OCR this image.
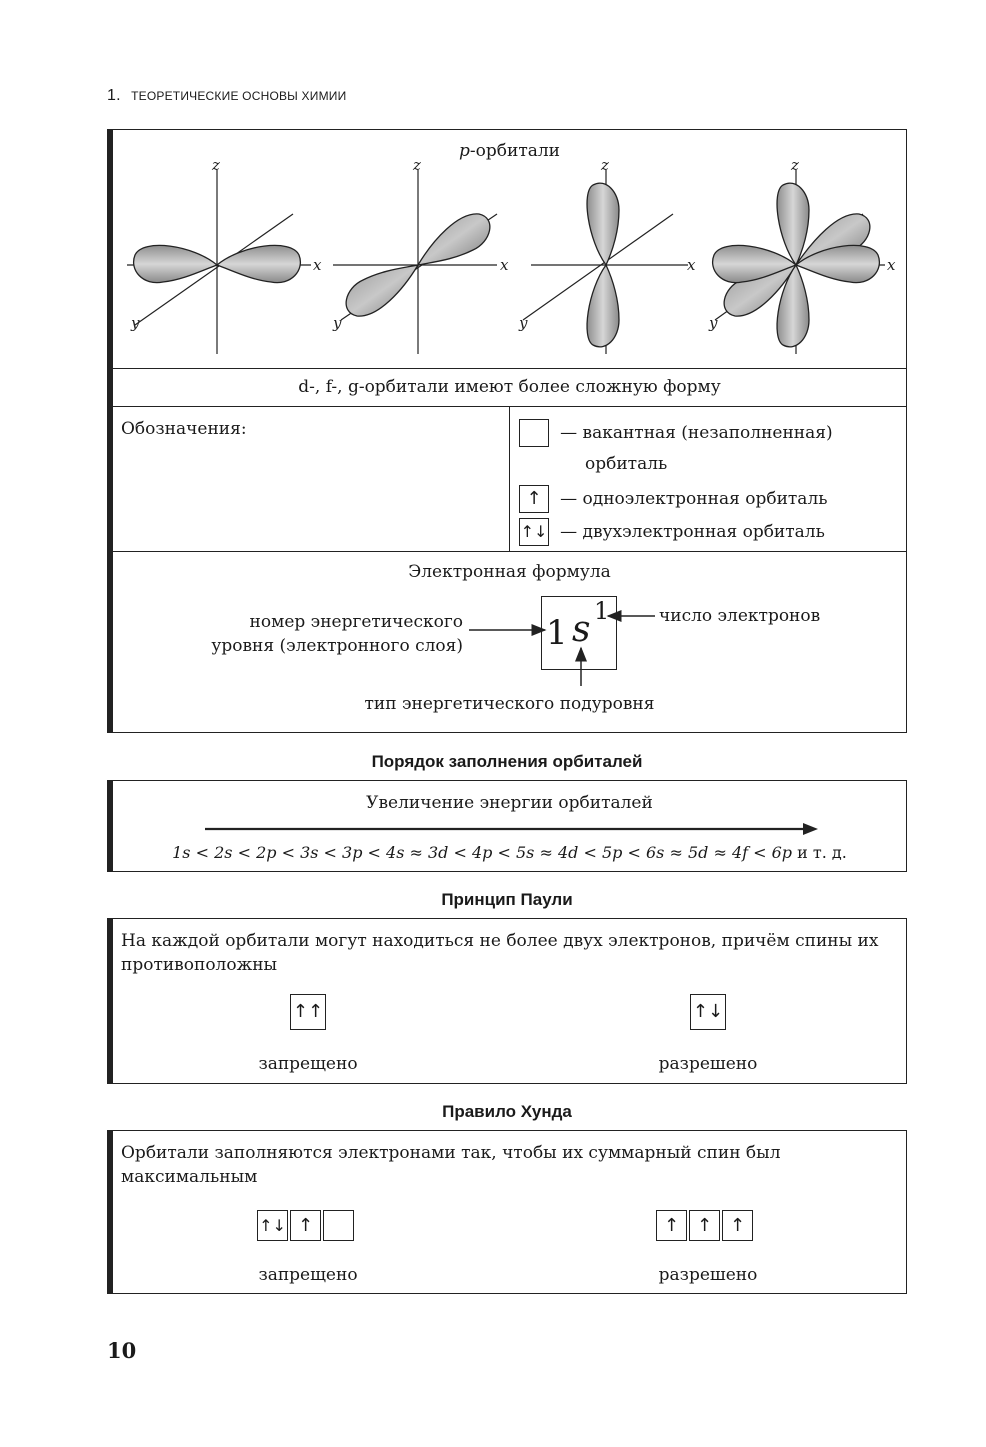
1. ТЕОРЕТИЧЕСКИЕ ОСНОВЫ ХИМИИ
p-орбитали
z
x
y
z
x
y
z
x
y
z
x
y
d-, f-, g-орбитали имеют более сложную форму
Обозначения:	— вакантная (незаполненная)
орбиталь
↑ — одноэлектронная орбиталь
↑↓ — двухэлектронная орбиталь
Электронная формула
номер энергетического
уровня (электронного слоя)
число электронов
тип энергетического подуровня
1 s 1
Порядок заполнения орбиталей
Увеличение энергии орбиталей
1s < 2s < 2p < 3s < 3p < 4s ≈ 3d < 4p < 5s ≈ 4d < 5p < 6s ≈ 5d ≈ 4f < 6p и т. д.
Принцип Паули
На каждой орбитали могут находиться не более двух электронов, причём спины их противоположны
↑↑	↑↓
запрещено	разрешено
Правило Хунда
Орбитали заполняются электронами так, чтобы их суммарный спин был максимальным
↑↓ ↑	↑ ↑ ↑
запрещено	разрешено
10
